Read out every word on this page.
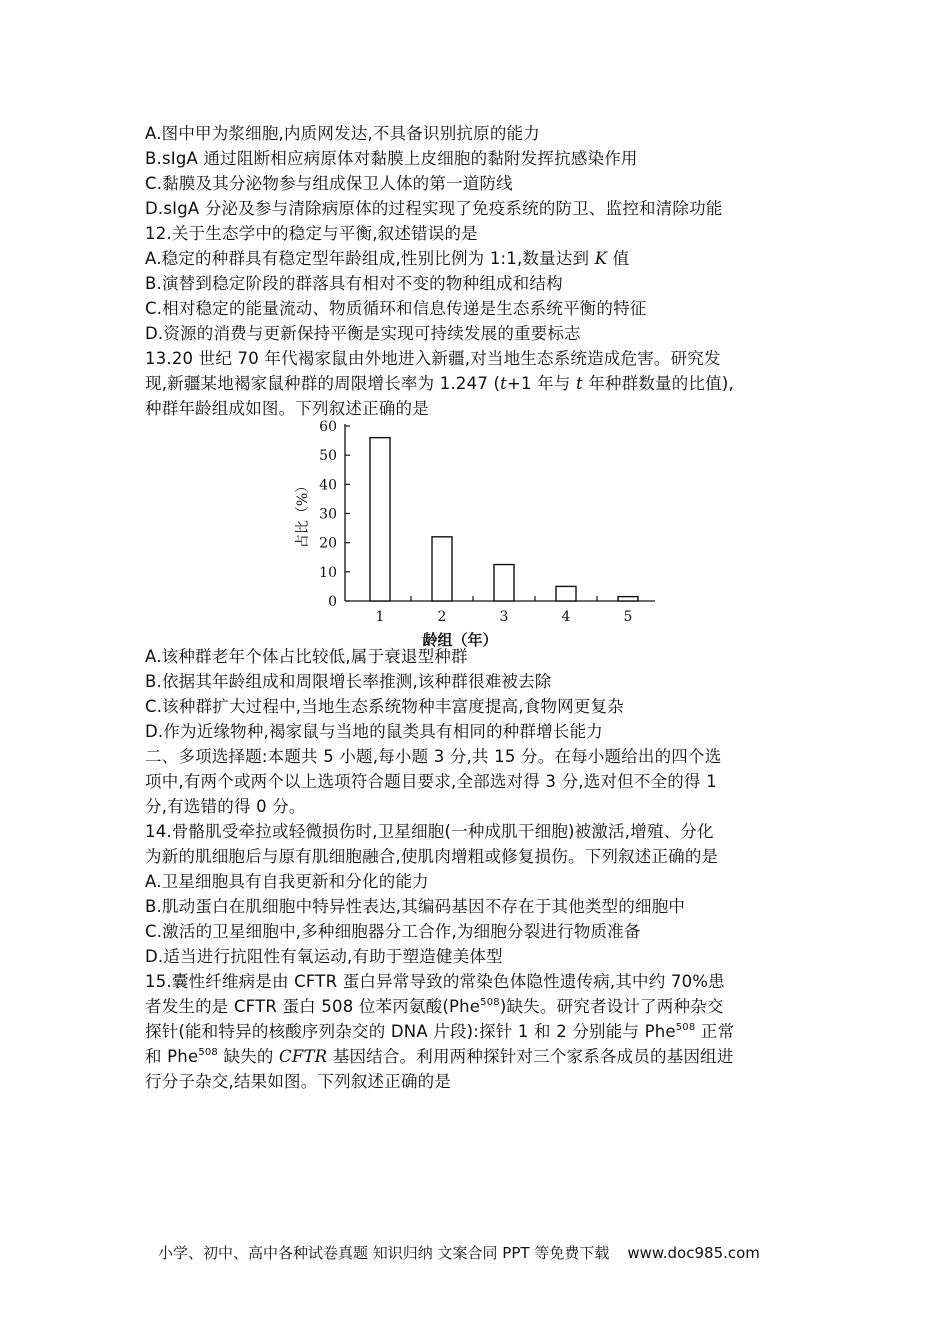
A.图中甲为浆细胞,内质网发达,不具备识别抗原的能力
B.sIgA 通过阻断相应病原体对黏膜上皮细胞的黏附发挥抗感染作用
C.黏膜及其分泌物参与组成保卫人体的第一道防线
D.sIgA 分泌及参与清除病原体的过程实现了免疫系统的防卫、监控和清除功能
12.关于生态学中的稳定与平衡,叙述错误的是
A.稳定的种群具有稳定型年龄组成,性别比例为 1:1,数量达到 K 值
B.演替到稳定阶段的群落具有相对不变的物种组成和结构
C.相对稳定的能量流动、物质循环和信息传递是生态系统平衡的特征
D.资源的消费与更新保持平衡是实现可持续发展的重要标志
13.20 世纪 70 年代褐家鼠由外地进入新疆,对当地生态系统造成危害。研究发
现,新疆某地褐家鼠种群的周限增长率为 1.247 (t+1 年与 t 年种群数量的比值),
种群年龄组成如图。下列叙述正确的是
0
10
20
30
40
50
60
1	2	3	4	5
龄组（年）
占比（%）
A.该种群老年个体占比较低,属于衰退型种群
B.依据其年龄组成和周限增长率推测,该种群很难被去除
C.该种群扩大过程中,当地生态系统物种丰富度提高,食物网更复杂
D.作为近缘物种,褐家鼠与当地的鼠类具有相同的种群增长能力
二、多项选择题:本题共 5 小题,每小题 3 分,共 15 分。在每小题给出的四个选
项中,有两个或两个以上选项符合题目要求,全部选对得 3 分,选对但不全的得 1
分,有选错的得 0 分。
14.骨骼肌受牵拉或轻微损伤时,卫星细胞(一种成肌干细胞)被激活,增殖、分化
为新的肌细胞后与原有肌细胞融合,使肌肉增粗或修复损伤。下列叙述正确的是
A.卫星细胞具有自我更新和分化的能力
B.肌动蛋白在肌细胞中特异性表达,其编码基因不存在于其他类型的细胞中
C.激活的卫星细胞中,多种细胞器分工合作,为细胞分裂进行物质准备
D.适当进行抗阻性有氧运动,有助于塑造健美体型
15.囊性纤维病是由 CFTR 蛋白异常导致的常染色体隐性遗传病,其中约 70%患
者发生的是 CFTR 蛋白 508 位苯丙氨酸(Phe$^{508}$)缺失。研究者设计了两种杂交
探针(能和特异的核酸序列杂交的 DNA 片段):探针 1 和 2 分别能与 Phe$^{508}$ 正常
和 Phe$^{508}$ 缺失的 CFTR 基因结合。利用两种探针对三个家系各成员的基因组进
行分子杂交,结果如图。下列叙述正确的是
小学、初中、高中各种试卷真题 知识归纳 文案合同 PPT 等免费下载 www.doc985.com
